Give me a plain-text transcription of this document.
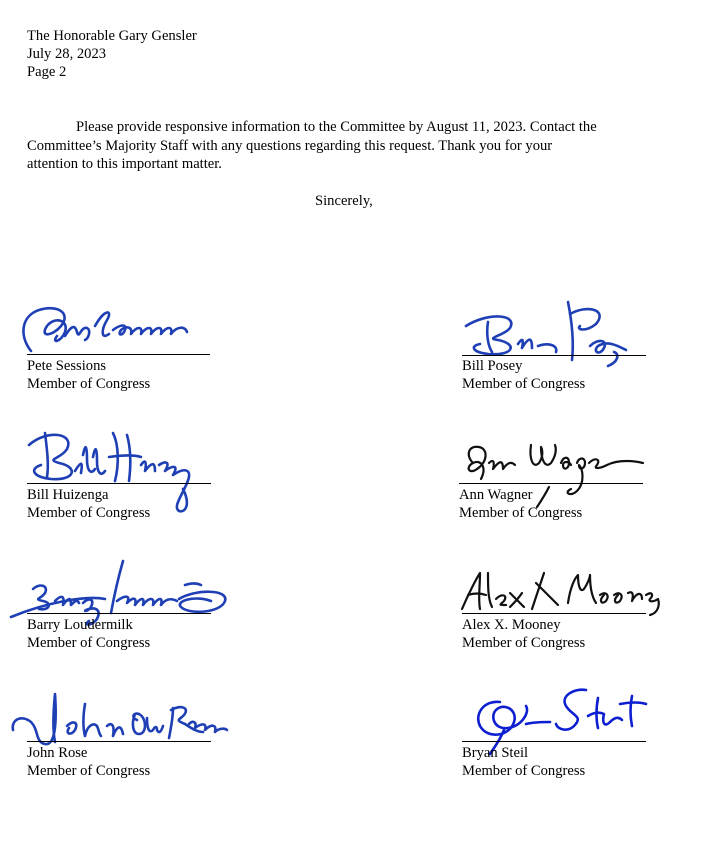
The Honorable Gary Gensler
July 28, 2023
Page 2
Please provide responsive information to the Committee by August 11, 2023. Contact the
Committee’s Majority Staff with any questions regarding this request. Thank you for your
attention to this important matter.
Sincerely,
Pete Sessions
Member of Congress
Bill Posey
Member of Congress
Bill Huizenga
Member of Congress
Ann Wagner
Member of Congress
Barry Loudermilk
Member of Congress
Alex X. Mooney
Member of Congress
John Rose
Member of Congress
Bryan Steil
Member of Congress
